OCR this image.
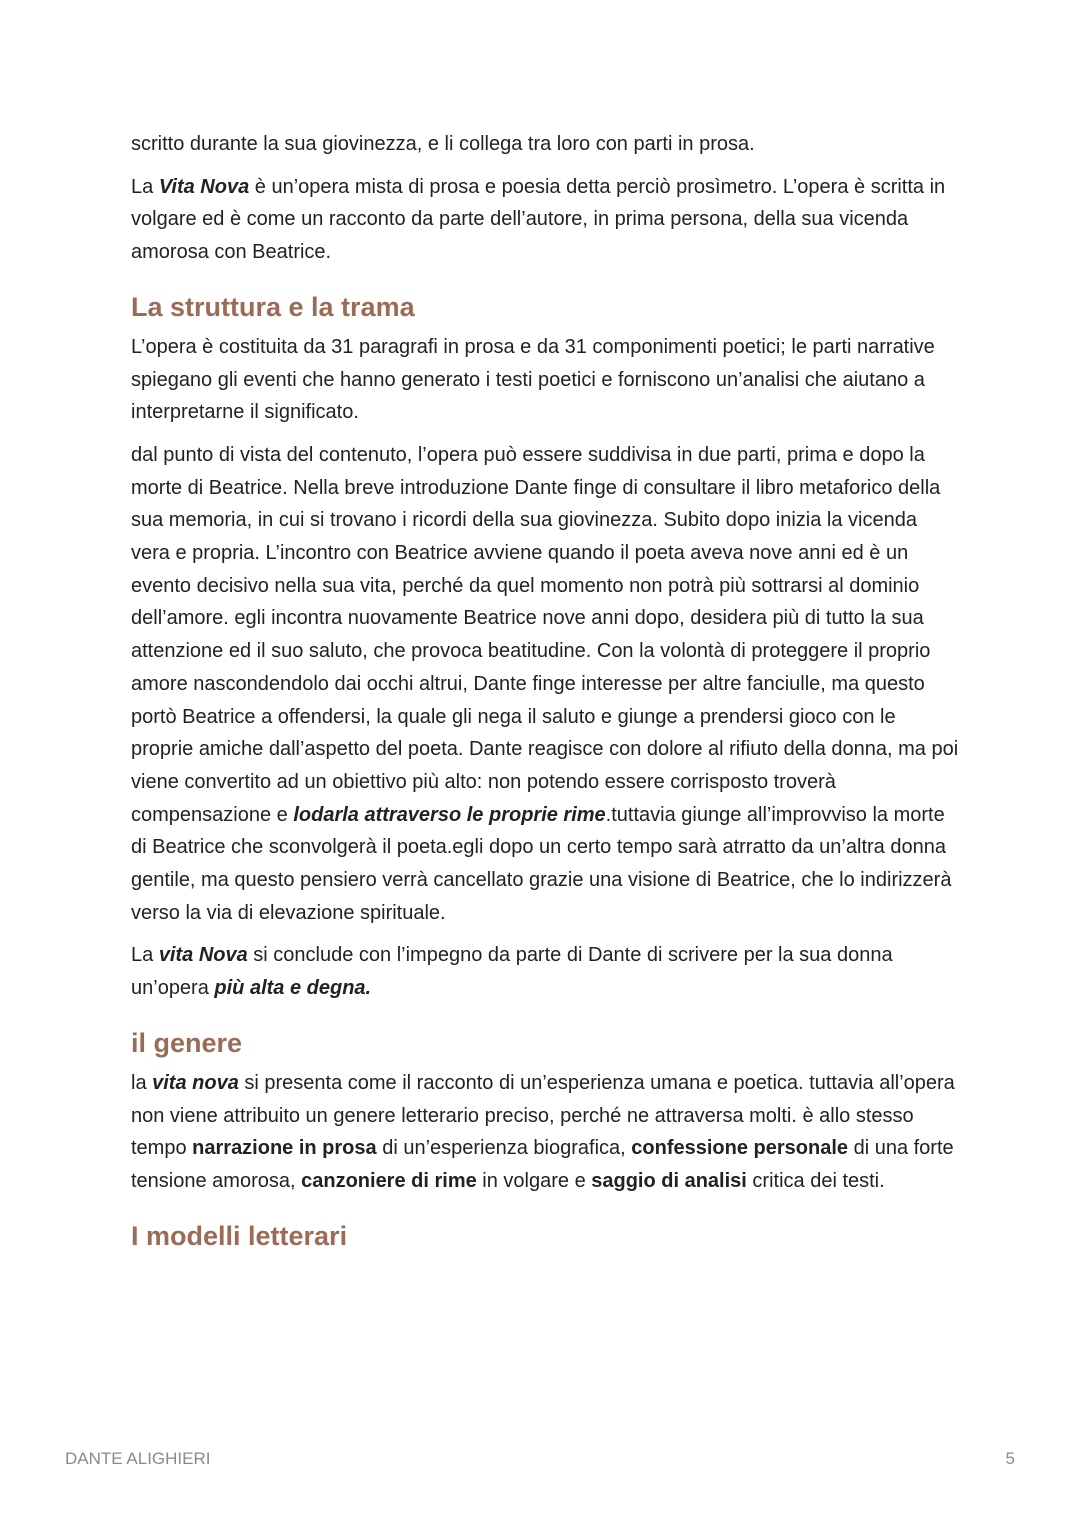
scritto durante la sua giovinezza, e li collega tra loro con parti in prosa.

La Vita Nova è un’opera mista di prosa e poesia detta perciò prosìmetro. L’opera è scritta in volgare ed è come un racconto da parte dell’autore, in prima persona, della sua vicenda amorosa con Beatrice.

La struttura e la trama

L’opera è costituita da 31 paragrafi in prosa e da 31 componimenti poetici; le parti narrative spiegano gli eventi che hanno generato i testi poetici e forniscono un’analisi che aiutano a interpretarne il significato.

dal punto di vista del contenuto, l’opera può essere suddivisa in due parti, prima e dopo la morte di Beatrice. Nella breve introduzione Dante finge di consultare il libro metaforico della sua memoria, in cui si trovano i ricordi della sua giovinezza. Subito dopo inizia la vicenda vera e propria. L’incontro con Beatrice avviene quando il poeta aveva nove anni ed è un evento decisivo nella sua vita, perché da quel momento non potrà più sottrarsi al dominio dell’amore. egli incontra nuovamente Beatrice nove anni dopo, desidera più di tutto la sua attenzione ed il suo saluto, che provoca beatitudine. Con la volontà di proteggere il proprio amore nascondendolo dai occhi altrui, Dante finge interesse per altre fanciulle, ma questo portò Beatrice a offendersi, la quale gli nega il saluto e giunge a prendersi gioco con le proprie amiche dall’aspetto del poeta. Dante reagisce con dolore al rifiuto della donna, ma poi viene convertito ad un obiettivo più alto: non potendo essere corrisposto troverà compensazione e lodarla attraverso le proprie rime.tuttavia giunge all’improvviso la morte di Beatrice che sconvolgerà il poeta.egli dopo un certo tempo sarà atrratto da un’altra donna gentile, ma questo pensiero verrà cancellato grazie una visione di Beatrice, che lo indirizzerà verso la via di elevazione spirituale.

La vita Nova si conclude con l’impegno da parte di Dante di scrivere per la sua donna un’opera più alta e degna.

il genere

la vita nova si presenta come il racconto di un’esperienza umana e poetica. tuttavia all’opera non viene attribuito un genere letterario preciso, perché ne attraversa molti. è allo stesso tempo narrazione in prosa di un’esperienza biografica, confessione personale di una forte tensione amorosa, canzoniere di rime in volgare e saggio di analisi critica dei testi.

I modelli letterari
DANTE ALIGHIERI	5
